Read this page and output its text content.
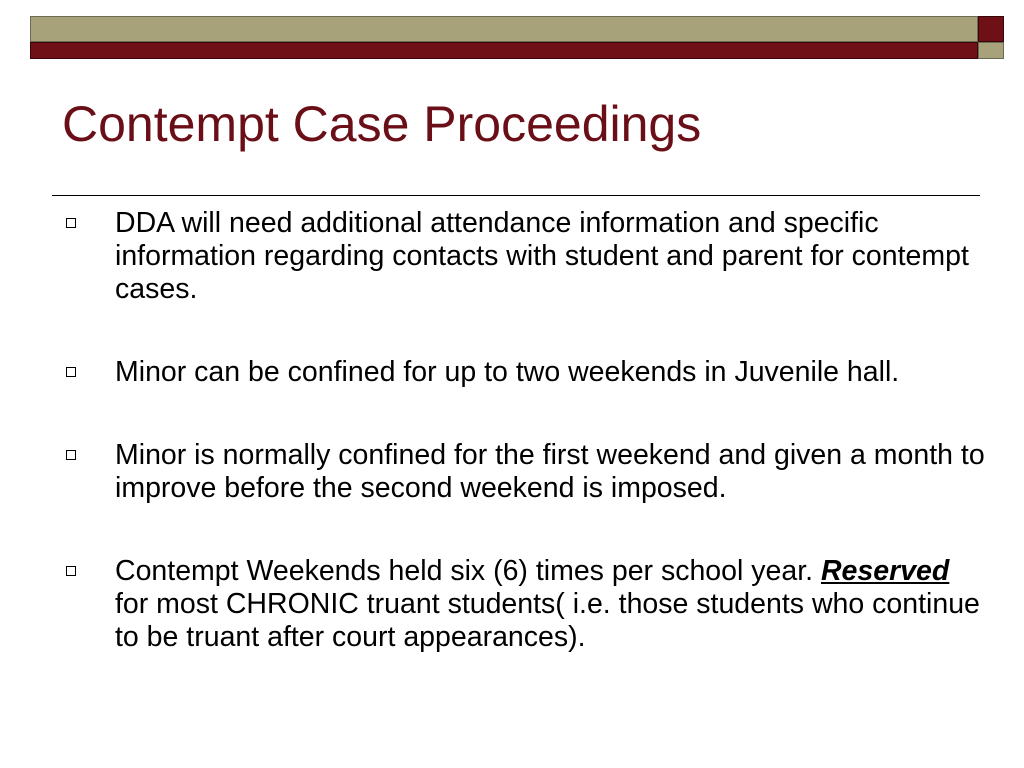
Contempt Case Proceedings
DDA will need additional attendance information and specific information regarding contacts with student and parent for contempt cases.
Minor can be confined for up to two weekends in Juvenile hall.
Minor is normally confined for the first weekend and given a month to improve before the second weekend is imposed.
Contempt Weekends held six (6) times per school year. Reserved for most CHRONIC truant students( i.e. those students who continue to be truant after court appearances).
